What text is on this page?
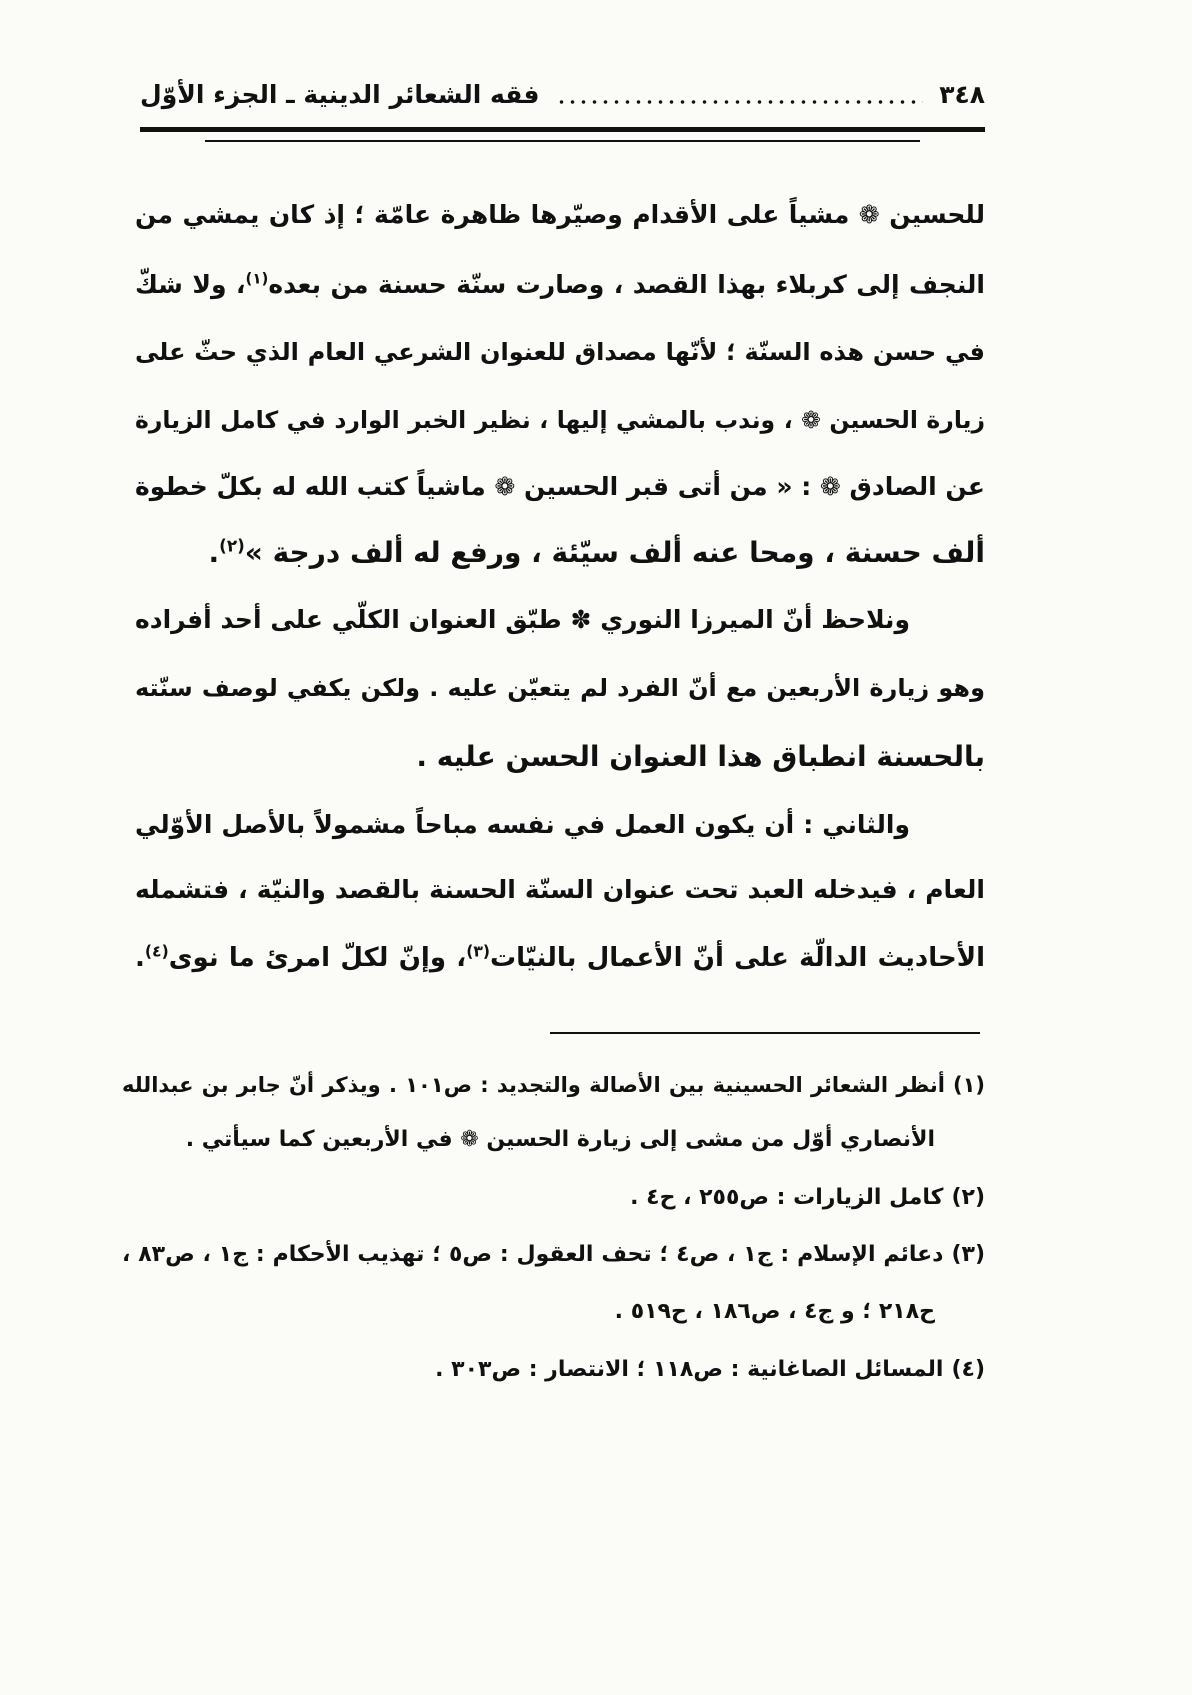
٣٤٨
فقه الشعائر الدينية ـ الجزء الأوّل
للحسين ❁ مشياً على الأقدام وصيّرها ظاهرة عامّة ؛ إذ كان يمشي من
النجف إلى كربلاء بهذا القصد ، وصارت سنّة حسنة من بعده$^{(١)}$، ولا شكّ
في حسن هذه السنّة ؛ لأنّها مصداق للعنوان الشرعي العام الذي حثّ على
زيارة الحسين ❁ ، وندب بالمشي إليها ، نظير الخبر الوارد في كامل الزيارة
عن الصادق ❁ : « من أتى قبر الحسين ❁ ماشياً كتب الله له بكلّ خطوة
ألف حسنة ، ومحا عنه ألف سيّئة ، ورفع له ألف درجة »$^{(٢)}$.
ونلاحظ أنّ الميرزا النوري ✽ طبّق العنوان الكلّي على أحد أفراده
وهو زيارة الأربعين مع أنّ الفرد لم يتعيّن عليه . ولكن يكفي لوصف سنّته
بالحسنة انطباق هذا العنوان الحسن عليه .
والثاني : أن يكون العمل في نفسه مباحاً مشمولاً بالأصل الأوّلي
العام ، فيدخله العبد تحت عنوان السنّة الحسنة بالقصد والنيّة ، فتشمله
الأحاديث الدالّة على أنّ الأعمال بالنيّات$^{(٣)}$، وإنّ لكلّ امرئ ما نوى$^{(٤)}$.
(١)أنظر الشعائر الحسينية بين الأصالة والتجديد : ص١٠١ . ويذكر أنّ جابر بن عبدالله
الأنصاري أوّل من مشى إلى زيارة الحسين ❁ في الأربعين كما سيأتي .
(٢)كامل الزيارات : ص٢٥٥ ، ح٤ .
(٣)دعائم الإسلام : ج١ ، ص٤ ؛ تحف العقول : ص٥ ؛ تهذيب الأحكام : ج١ ، ص٨٣ ،
ح٢١٨ ؛ و ج٤ ، ص١٨٦ ، ح٥١٩ .
(٤)المسائل الصاغانية : ص١١٨ ؛ الانتصار : ص٣٠٣ .
